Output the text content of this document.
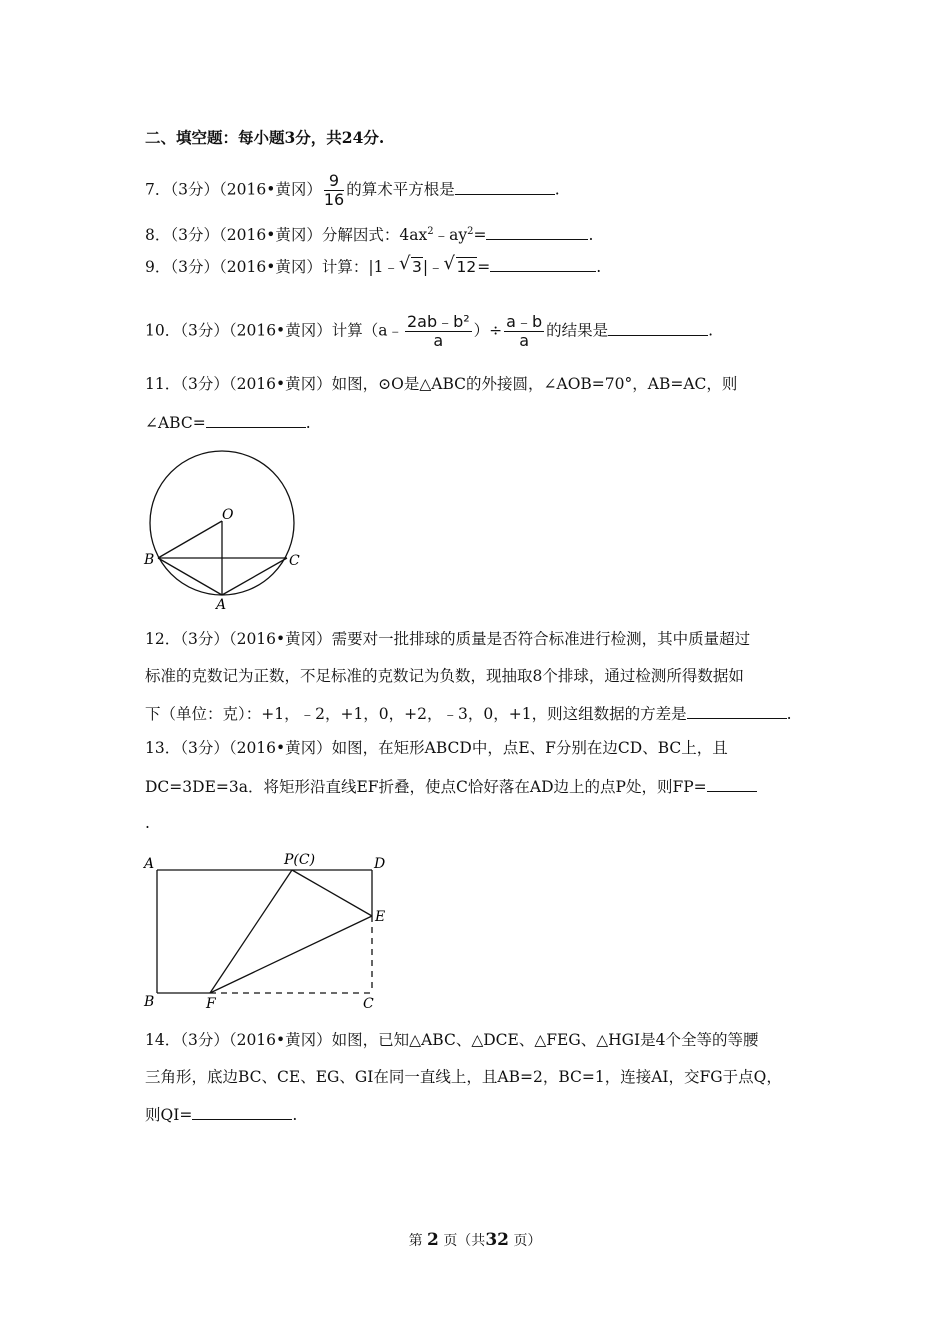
二、填空题：每小题3分，共24分.
7．（3分）（2016•黄冈） $\frac{9}{16}$ 的算术平方根是	.
8．（3分）（2016•黄冈）分解因式：$4ax^2﹣ay^2=$	.
9．（3分）（2016•黄冈）计算：|1﹣ √ 3|﹣ √ 12=	.
10．（3分）（2016•黄冈）计算（a﹣ $\frac{\text{2ab﹣b²}}{a}$ ）÷ $\frac{a﹣b}{a}$ 的结果是	.
11．（3分）（2016•黄冈）如图，⊙O是△ABC的外接圆，∠AOB=70°，AB=AC，则
∠ABC=	.
O
B	C
A
12．（3分）（2016•黄冈）需要对一批排球的质量是否符合标准进行检测，其中质量超过
标准的克数记为正数，不足标准的克数记为负数，现抽取8个排球，通过检测所得数据如
下（单位：克）：+1，﹣2，+1，0，+2，﹣3，0，+1，则这组数据的方差是	.
13．（3分）（2016•黄冈）如图，在矩形ABCD中，点E、F分别在边CD、BC上，且
DC=3DE=3a．将矩形沿直线EF折叠，使点C恰好落在AD边上的点P处，则FP=
.
A	P(C)	D
E
B	F	C
14．（3分）（2016•黄冈）如图，已知△ABC、△DCE、△FEG、△HGI是4个全等的等腰
三角形，底边BC、CE、EG、GI在同一直线上，且AB=2，BC=1，连接AI，交FG于点Q，
则QI=	.
第 2 页（共32 页）
